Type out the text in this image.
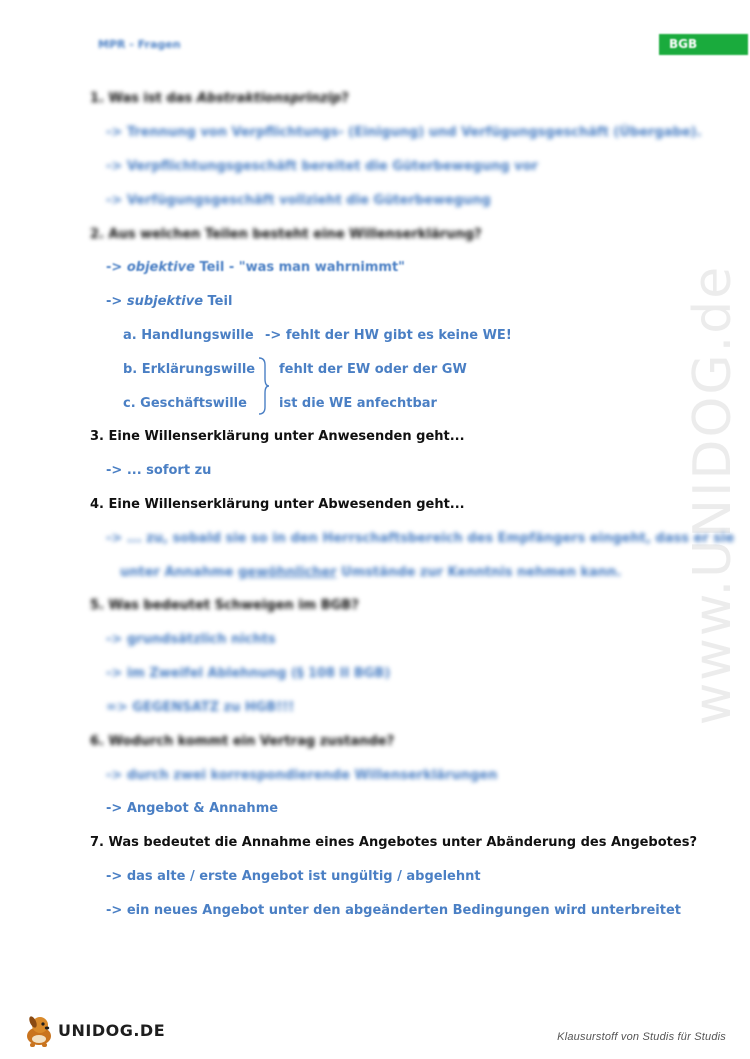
MPR - Fragen	BGB
www.UNIDOG.de
1. Was ist das Abstraktionsprinzip?
-> Trennung von Verpflichtungs- (Einigung) und Verfügungsgeschäft (Übergabe).
-> Verpflichtungsgeschäft bereitet die Güterbewegung vor
-> Verfügungsgeschäft vollzieht die Güterbewegung
2. Aus welchen Teilen besteht eine Willenserklärung?
-> objektive Teil - "was man wahrnimmt"
-> subjektive Teil
a. Handlungswille -> fehlt der HW gibt es keine WE!
b. Erklärungswille fehlt der EW oder der GW
c. Geschäftswille ist die WE anfechtbar
3. Eine Willenserklärung unter Anwesenden geht...
-> ... sofort zu
4. Eine Willenserklärung unter Abwesenden geht...
-> ... zu, sobald sie so in den Herrschaftsbereich des Empfängers eingeht, dass er sie
unter Annahme gewöhnlicher Umstände zur Kenntnis nehmen kann.
5. Was bedeutet Schweigen im BGB?
-> grundsätzlich nichts
-> im Zweifel Ablehnung (§ 108 II BGB)
=> GEGENSATZ zu HGB!!!
6. Wodurch kommt ein Vertrag zustande?
-> durch zwei korrespondierende Willenserklärungen
-> Angebot & Annahme
7. Was bedeutet die Annahme eines Angebotes unter Abänderung des Angebotes?
-> das alte / erste Angebot ist ungültig / abgelehnt
-> ein neues Angebot unter den abgeänderten Bedingungen wird unterbreitet
UNIDOG.DE	Klausurstoff von Studis für Studis
